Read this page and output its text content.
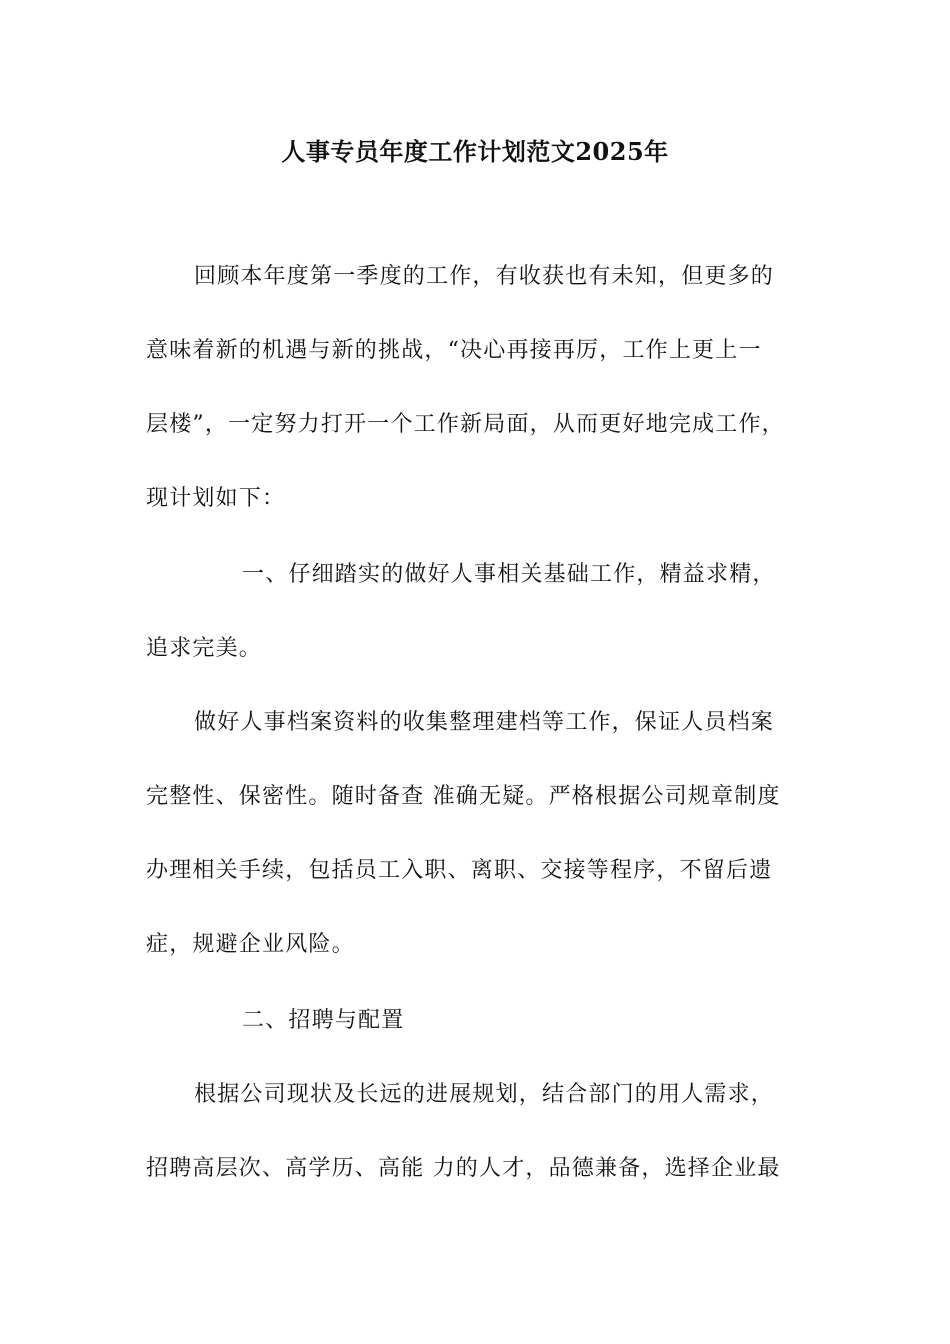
人事专员年度工作计划范文2025年
回顾本年度第一季度的工作，有收获也有未知，但更多的
意味着新的机遇与新的挑战，“决心再接再厉，工作上更上一
层楼”，一定努力打开一个工作新局面，从而更好地完成工作，
现计划如下：
一、仔细踏实的做好人事相关基础工作，精益求精，
追求完美。
做好人事档案资料的收集整理建档等工作，保证人员档案
完整性、保密性。随时备查 准确无疑。严格根据公司规章制度
办理相关手续，包括员工入职、离职、交接等程序，不留后遗
症，规避企业风险。
二、招聘与配置
根据公司现状及长远的进展规划，结合部门的用人需求，
招聘高层次、高学历、高能 力的人才，品德兼备，选择企业最
